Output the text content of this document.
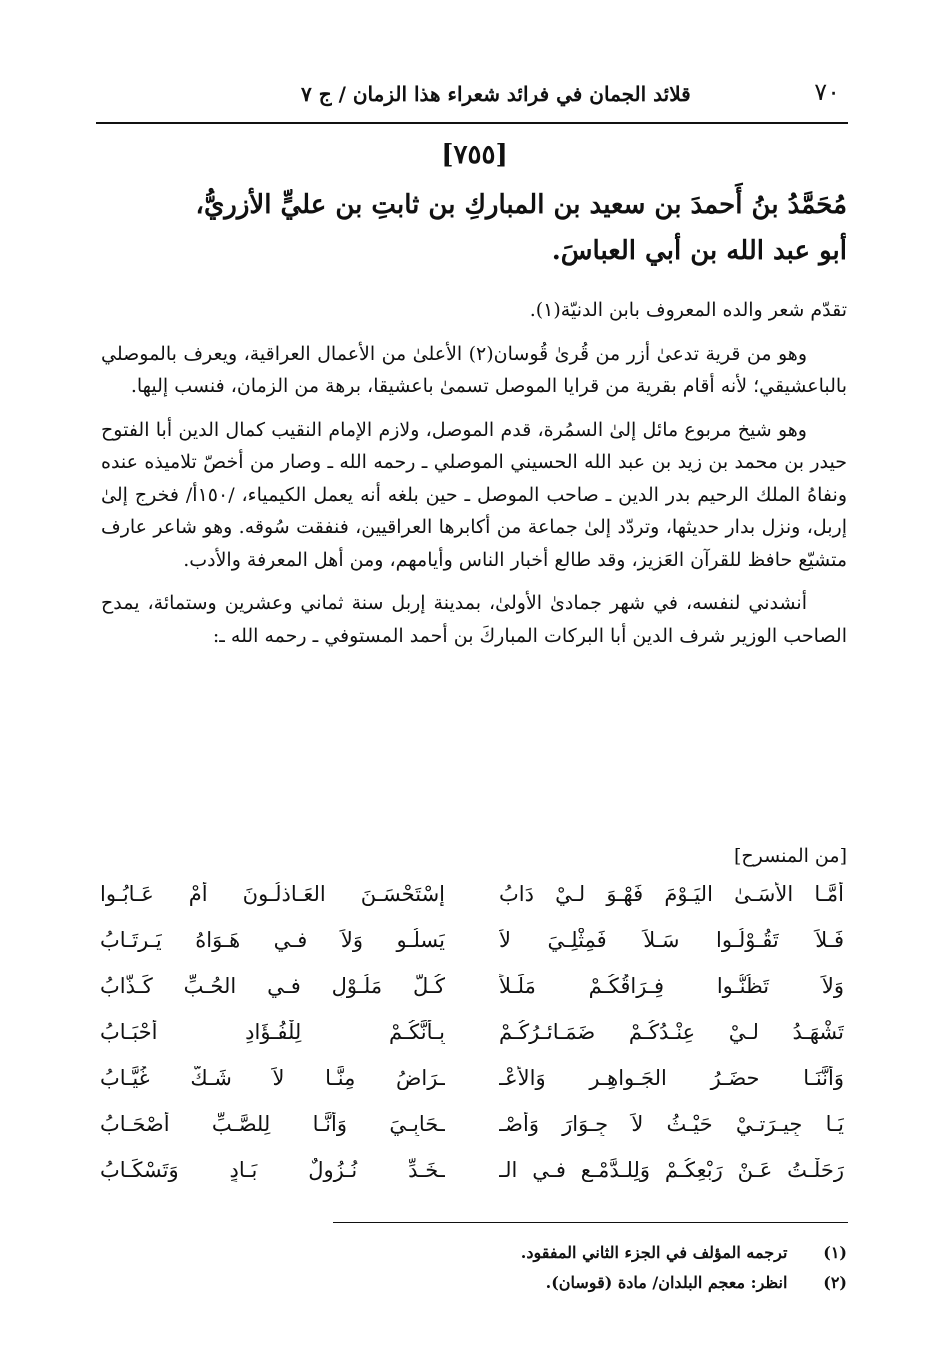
٧٠
قلائد الجمان في فرائد شعراء هذا الزمان / ج ٧
[٧٥٥]
مُحَمَّدُ بنُ أَحمدَ بن سعيد بن المباركِ بن ثابتِ بن عليٍّ الأزريُّ،
أبو عبد الله بن أبي العباسَ.

تقدّم شعر والده المعروف بابن الدنيّة(١).

وهو من قرية تدعىٰ أزر من قُرىٰ قُوسان(٢) الأعلىٰ من الأعمال العراقية، ويعرف بالموصلي بالباعشيقي؛ لأنه أقام بقرية من قرايا الموصل تسمىٰ باعشيقا، برهة من الزمان، فنسب إليها.

وهو شيخ مربوع مائل إلىٰ السمُرة، قدم الموصل، ولازم الإمام النقيب كمال الدين أبا الفتوح حيدر بن محمد بن زيد بن عبد الله الحسيني الموصلي ـ رحمه الله ـ وصار من أخصّ تلاميذه عنده ونفاهُ الملك الرحيم بدر الدين ـ صاحب الموصل ـ حين بلغه أنه يعمل الكيمياء، /١٥٠أ/ فخرج إلىٰ إربل، ونزل بدار حديثها، وتردّد إلىٰ جماعة من أكابرها العراقيين، فنفقت سُوقه. وهو شاعر عارف متشيّع حافظ للقرآن العَزيز، وقد طالع أخبار الناس وأيامهم، ومن أهل المعرفة والأدب.

أنشدني لنفسه، في شهر جمادىٰ الأولىٰ، بمدينة إربل سنة ثماني وعشرين وستمائة، يمدح الصاحب الوزير شرف الدين أبا البركات المباركَ بن أحمد المستوفي ـ رحمه الله ـ:

[من المنسرح]
أَمَّـا الأَسَـىٰ اليَـوْمَ فَهْـوَ لـيْ دَابُ
إسْتَحْسَـنَ العَـاذلُـونَ أمْ عَـابُـوا
فَـلاَ تَقُـوْلُـوا سَـلاَ فَمِثْلِـيَ لاَ
يَسلُـو وَلاَ فـي هَـوَاهُ يَـرتَـابُ
وَلاَ تَظُنُّـوا فِـرَاقُكُـمْ مَلَـلاً
كُـلُّ مَلُـوْلٍ فـي الحُـبِّ كَـذَّابُ
تَشْهَـدُ لـيْ عِنْـدُكُـمْ ضَمَـائـرُكُـمْ
بِـأنَّكُـمْ لِلْفُـؤَادِ أحْبَـابُ
وَأنَّنَـا حضَـرُ الجَـواهِـرِ وَالأَعْـ
ـرَاضُ مِنَّـا لاَ شَـكَّ غُيَّـابُ
يَـا جِيـرَتـيْ حَيْـثُ لاَ جِـوَارَ وَأَصْـ
ـحَابِـيَ وَأَنَّـا لِلصَّـبِّ أَصْحَـابُ
رَحَلْـتُ عَـنْ رَبْعِكُـمْ وَلِلـدَّمْـعِ فـي الـ
ـخَـدِّ نُـزُولٌ بَـادٍ وَتَسْكَـابُ
(١) ترجمه المؤلف في الجزء الثاني المفقود.
(٢) انظر: معجم البلدان/ مادة (قوسان).
